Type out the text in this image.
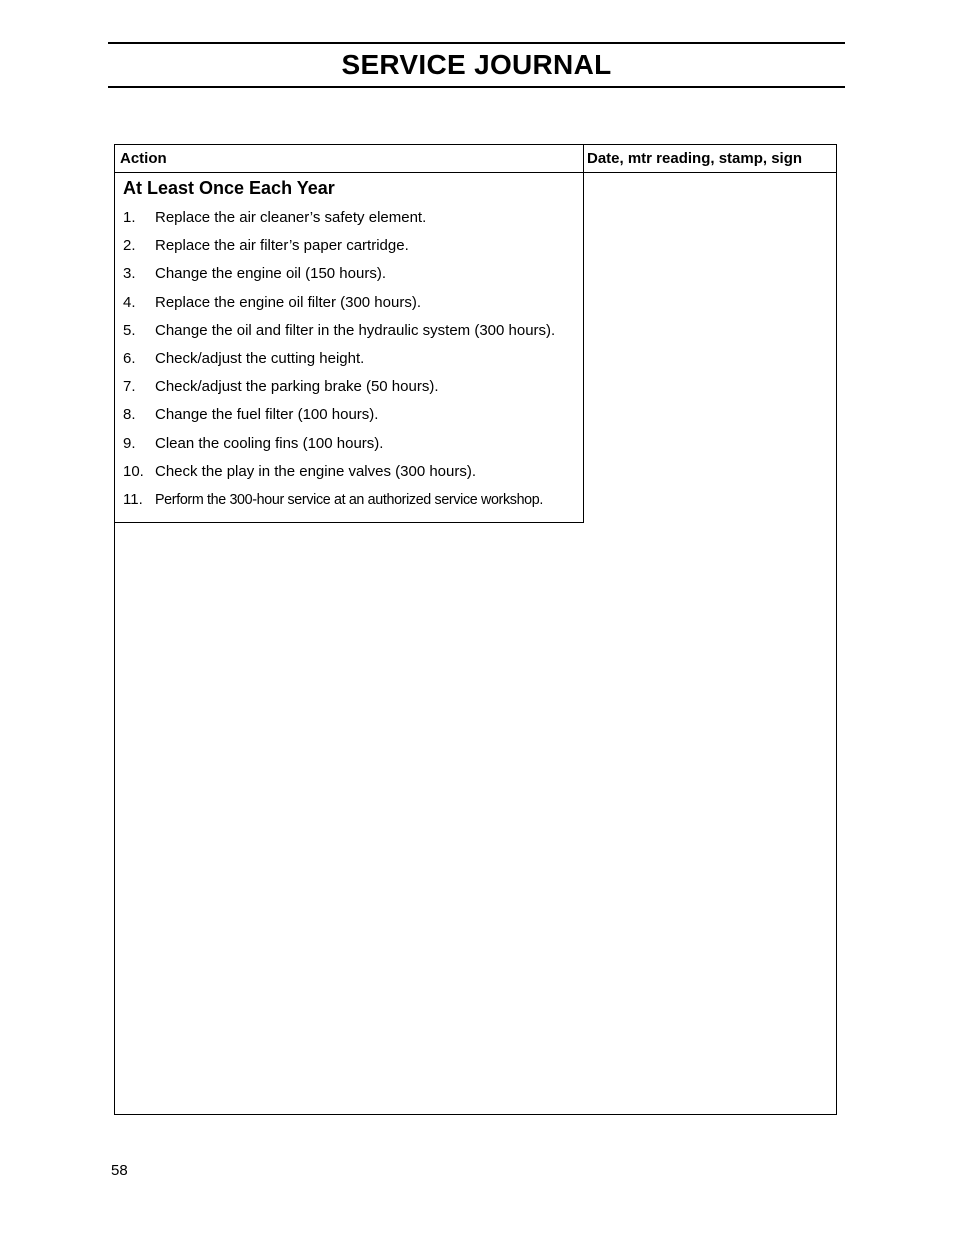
SERVICE JOURNAL
Action	Date, mtr reading, stamp, sign
At Least Once Each Year
1. Replace the air cleaner’s safety element.
2. Replace the air filter’s paper cartridge.
3. Change the engine oil (150 hours).
4. Replace the engine oil filter (300 hours).
5. Change the oil and filter in the hydraulic system (300 hours).
6. Check/adjust the cutting height.
7. Check/adjust the parking brake (50 hours).
8. Change the fuel filter (100 hours).
9. Clean the cooling fins (100 hours).
10. Check the play in the engine valves (300 hours).
11. Perform the 300-hour service at an authorized service workshop.
58
